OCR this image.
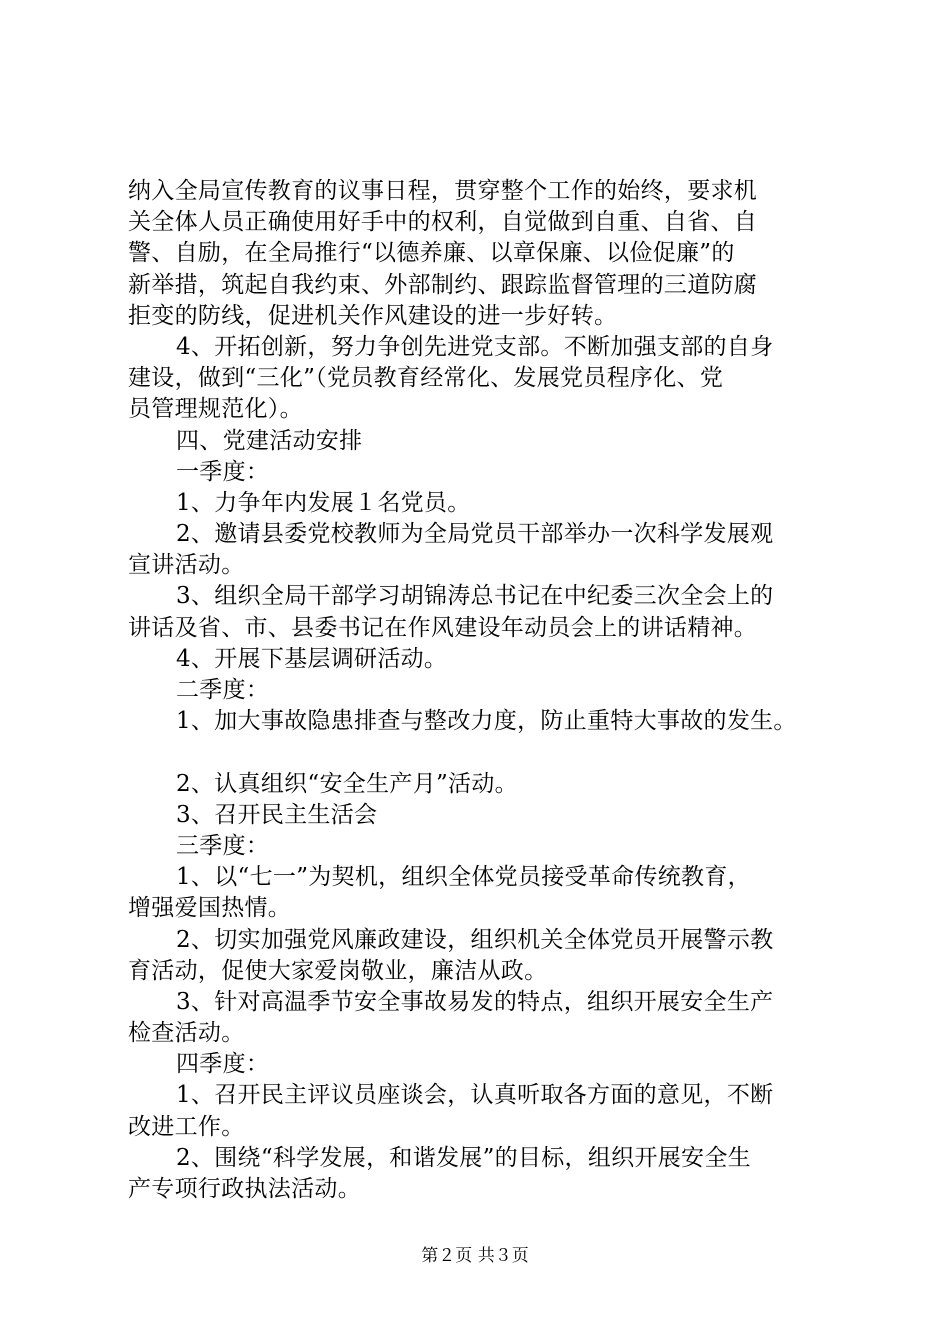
纳入全局宣传教育的议事日程，贯穿整个工作的始终，要求机
关全体人员正确使用好手中的权利，自觉做到自重、自省、自
警、自励，在全局推行“以德养廉、以章保廉、以俭促廉”的
新举措，筑起自我约束、外部制约、跟踪监督管理的三道防腐
拒变的防线，促进机关作风建设的进一步好转。
4、开拓创新，努力争创先进党支部。不断加强支部的自身
建设，做到“三化”（党员教育经常化、发展党员程序化、党
员管理规范化）。
四、党建活动安排
一季度：
1、力争年内发展１名党员。
2、邀请县委党校教师为全局党员干部举办一次科学发展观
宣讲活动。
3、组织全局干部学习胡锦涛总书记在中纪委三次全会上的
讲话及省、市、县委书记在作风建设年动员会上的讲话精神。
4、开展下基层调研活动。
二季度：
1、加大事故隐患排查与整改力度，防止重特大事故的发生。
2、认真组织“安全生产月”活动。
3、召开民主生活会
三季度：
1、以“七一”为契机，组织全体党员接受革命传统教育，
增强爱国热情。
2、切实加强党风廉政建设，组织机关全体党员开展警示教
育活动，促使大家爱岗敬业，廉洁从政。
3、针对高温季节安全事故易发的特点，组织开展安全生产
检查活动。
四季度：
1、召开民主评议员座谈会，认真听取各方面的意见，不断
改进工作。
2、围绕“科学发展，和谐发展”的目标，组织开展安全生
产专项行政执法活动。
第２页 共３页
